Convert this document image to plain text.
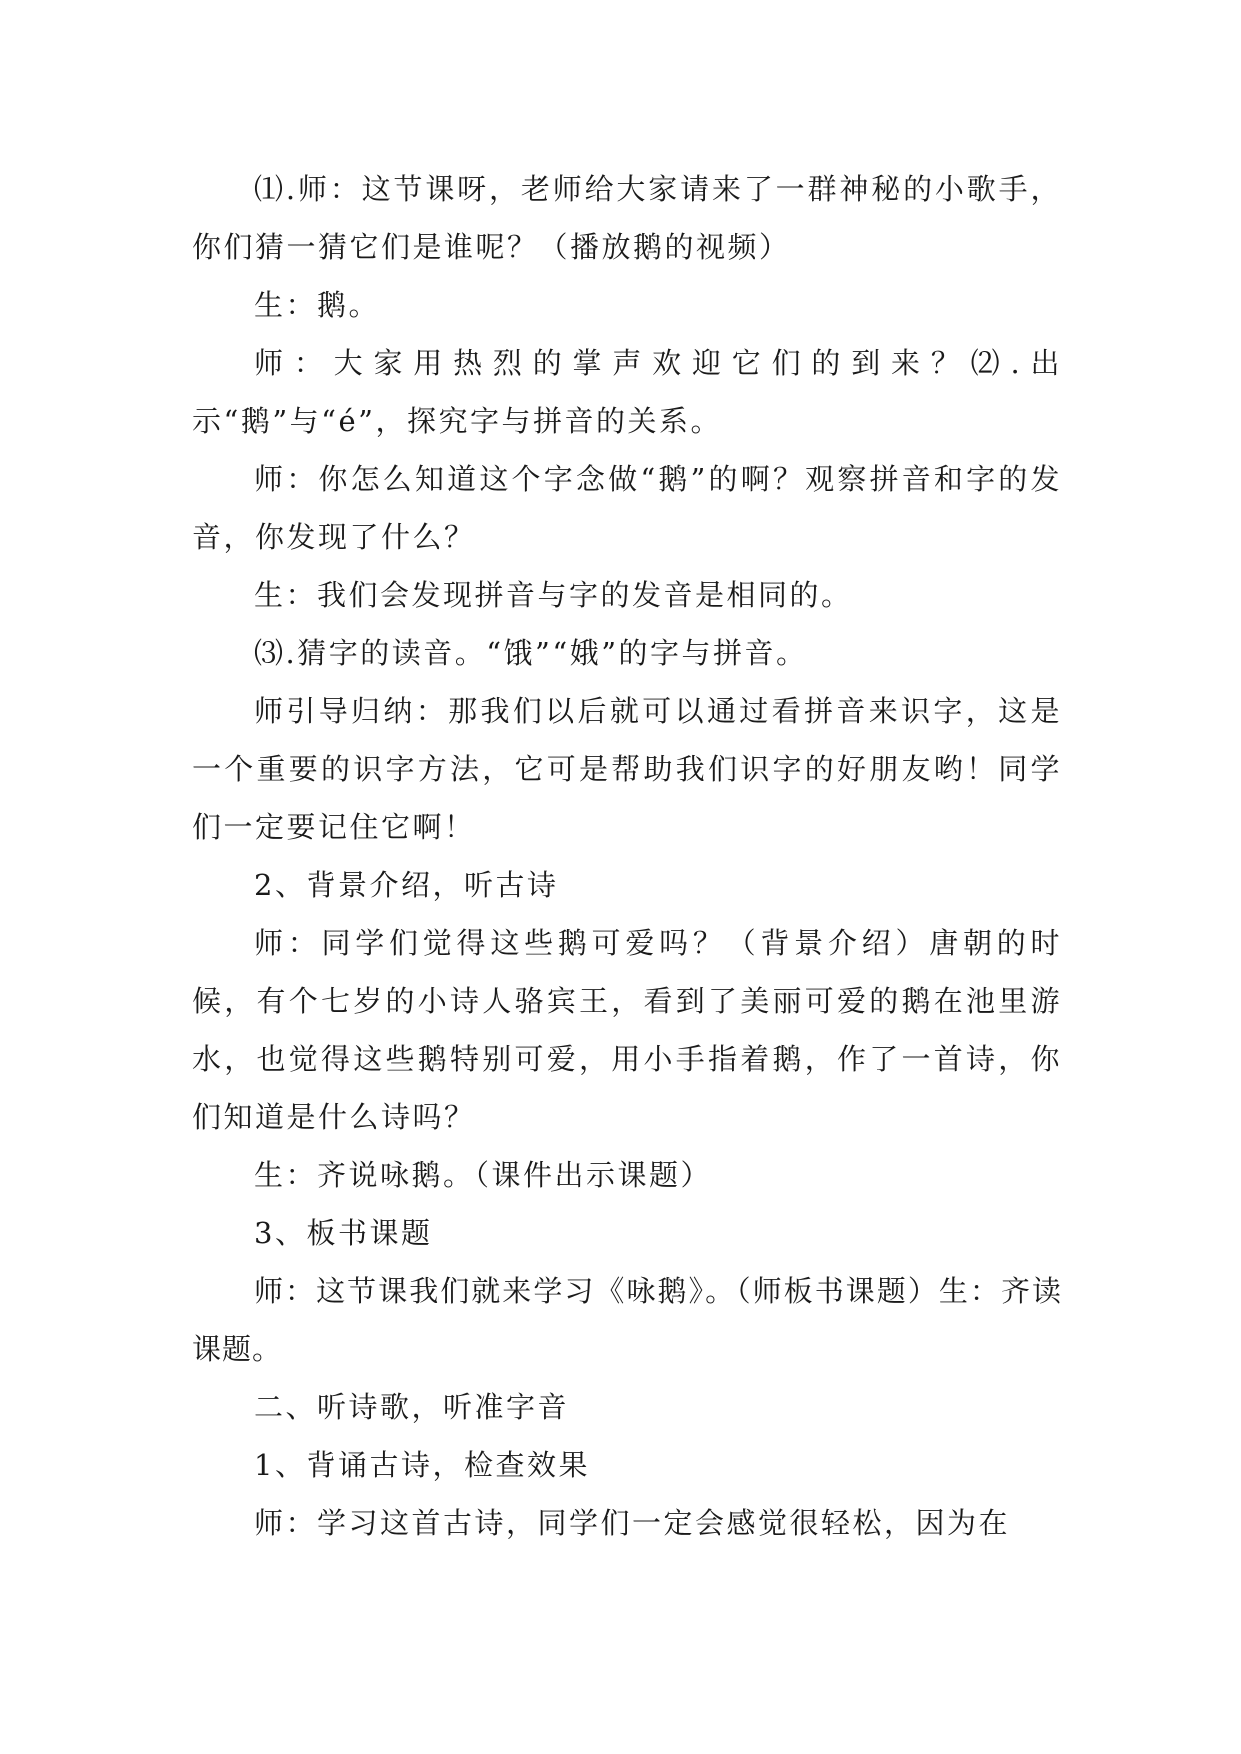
⑴.师：这节课呀，老师给大家请来了一群神秘的小歌手，你们猜一猜它们是谁呢？（播放鹅的视频）

生：鹅。

师：大家用热烈的掌声欢迎它们的到来？⑵.出示“鹅”与“é”，探究字与拼音的关系。

师：你怎么知道这个字念做“鹅”的啊？观察拼音和字的发音，你发现了什么？

生：我们会发现拼音与字的发音是相同的。

⑶.猜字的读音。“饿”“娥”的字与拼音。

师引导归纳：那我们以后就可以通过看拼音来识字，这是一个重要的识字方法，它可是帮助我们识字的好朋友哟！同学们一定要记住它啊！

2、背景介绍，听古诗

师：同学们觉得这些鹅可爱吗？（背景介绍）唐朝的时候，有个七岁的小诗人骆宾王，看到了美丽可爱的鹅在池里游水，也觉得这些鹅特别可爱，用小手指着鹅，作了一首诗，你们知道是什么诗吗？

生：齐说咏鹅。（课件出示课题）

3、板书课题

师：这节课我们就来学习《咏鹅》。（师板书课题）生：齐读课题。

二、听诗歌，听准字音

1、背诵古诗，检查效果

师：学习这首古诗，同学们一定会感觉很轻松，因为在
